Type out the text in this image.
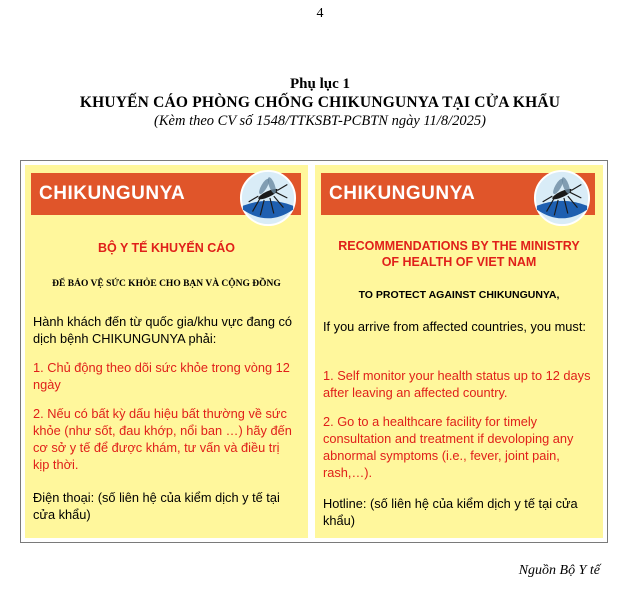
4
Phụ lục 1
KHUYẾN CÁO PHÒNG CHỐNG CHIKUNGUNYA TẠI CỬA KHẨU
(Kèm theo CV số 1548/TTKSBT-PCBTN ngày 11/8/2025)
CHIKUNGUNYA
BỘ Y TẾ KHUYẾN CÁO
ĐỂ BẢO VỆ SỨC KHỎE CHO BẠN VÀ CỘNG ĐỒNG

Hành khách đến từ quốc gia/khu vực đang có dịch bệnh CHIKUNGUNYA phải:

1. Chủ động theo dõi sức khỏe trong vòng 12 ngày

2. Nếu có bất kỳ dấu hiệu bất thường về sức khỏe (như sốt, đau khớp, nổi ban …) hãy đến cơ sở y tế để được khám, tư vấn và điều trị kịp thời.

Điện thoại: (số liên hệ của kiểm dịch y tế tại cửa khẩu)

CHIKUNGUNYA
RECOMMENDATIONS BY THE MINISTRY OF HEALTH OF VIET NAM
TO PROTECT AGAINST CHIKUNGUNYA,

If you arrive from affected countries, you must:

1. Self monitor your health status up to 12 days after leaving an affected country.

2. Go to a healthcare facility for timely consultation and treatment if devoloping any abnormal symptoms (i.e., fever, joint pain, rash,…).

Hotline: (số liên hệ của kiểm dịch y tế tại cửa khẩu)

Nguồn Bộ Y tế
